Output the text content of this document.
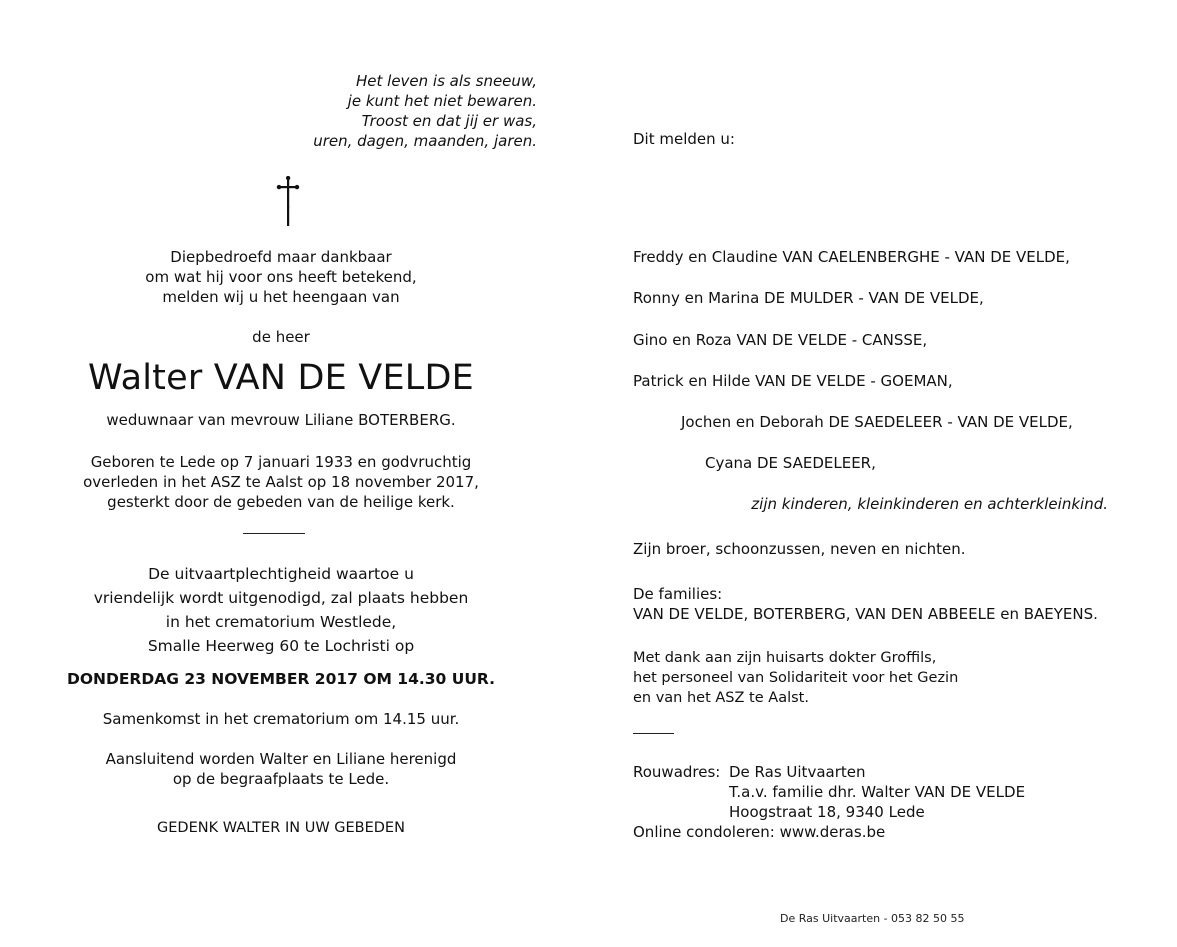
Het leven is als sneeuw,
je kunt het niet bewaren.
Troost en dat jij er was,
uren, dagen, maanden, jaren.
Diepbedroefd maar dankbaar
om wat hij voor ons heeft betekend,
melden wij u het heengaan van
de heer
Walter VAN DE VELDE
weduwnaar van mevrouw Liliane BOTERBERG.
Geboren te Lede op 7 januari 1933 en godvruchtig
overleden in het ASZ te Aalst op 18 november 2017,
gesterkt door de gebeden van de heilige kerk.
De uitvaartplechtigheid waartoe u
vriendelijk wordt uitgenodigd, zal plaats hebben
in het crematorium Westlede,
Smalle Heerweg 60 te Lochristi op
DONDERDAG 23 NOVEMBER 2017 OM 14.30 UUR.
Samenkomst in het crematorium om 14.15 uur.
Aansluitend worden Walter en Liliane herenigd
op de begraafplaats te Lede.
GEDENK WALTER IN UW GEBEDEN
Dit melden u:
Freddy en Claudine VAN CAELENBERGHE - VAN DE VELDE,
Ronny en Marina DE MULDER - VAN DE VELDE,
Gino en Roza VAN DE VELDE - CANSSE,
Patrick en Hilde VAN DE VELDE - GOEMAN,
Jochen en Deborah DE SAEDELEER - VAN DE VELDE,
Cyana DE SAEDELEER,
zijn kinderen, kleinkinderen en achterkleinkind.
Zijn broer, schoonzussen, neven en nichten.
De families:
VAN DE VELDE, BOTERBERG, VAN DEN ABBEELE en BAEYENS.
Met dank aan zijn huisarts dokter Groffils,
het personeel van Solidariteit voor het Gezin
en van het ASZ te Aalst.
Rouwadres: De Ras Uitvaarten
T.a.v. familie dhr. Walter VAN DE VELDE
Hoogstraat 18, 9340 Lede
Online condoleren: www.deras.be
De Ras Uitvaarten - 053 82 50 55
